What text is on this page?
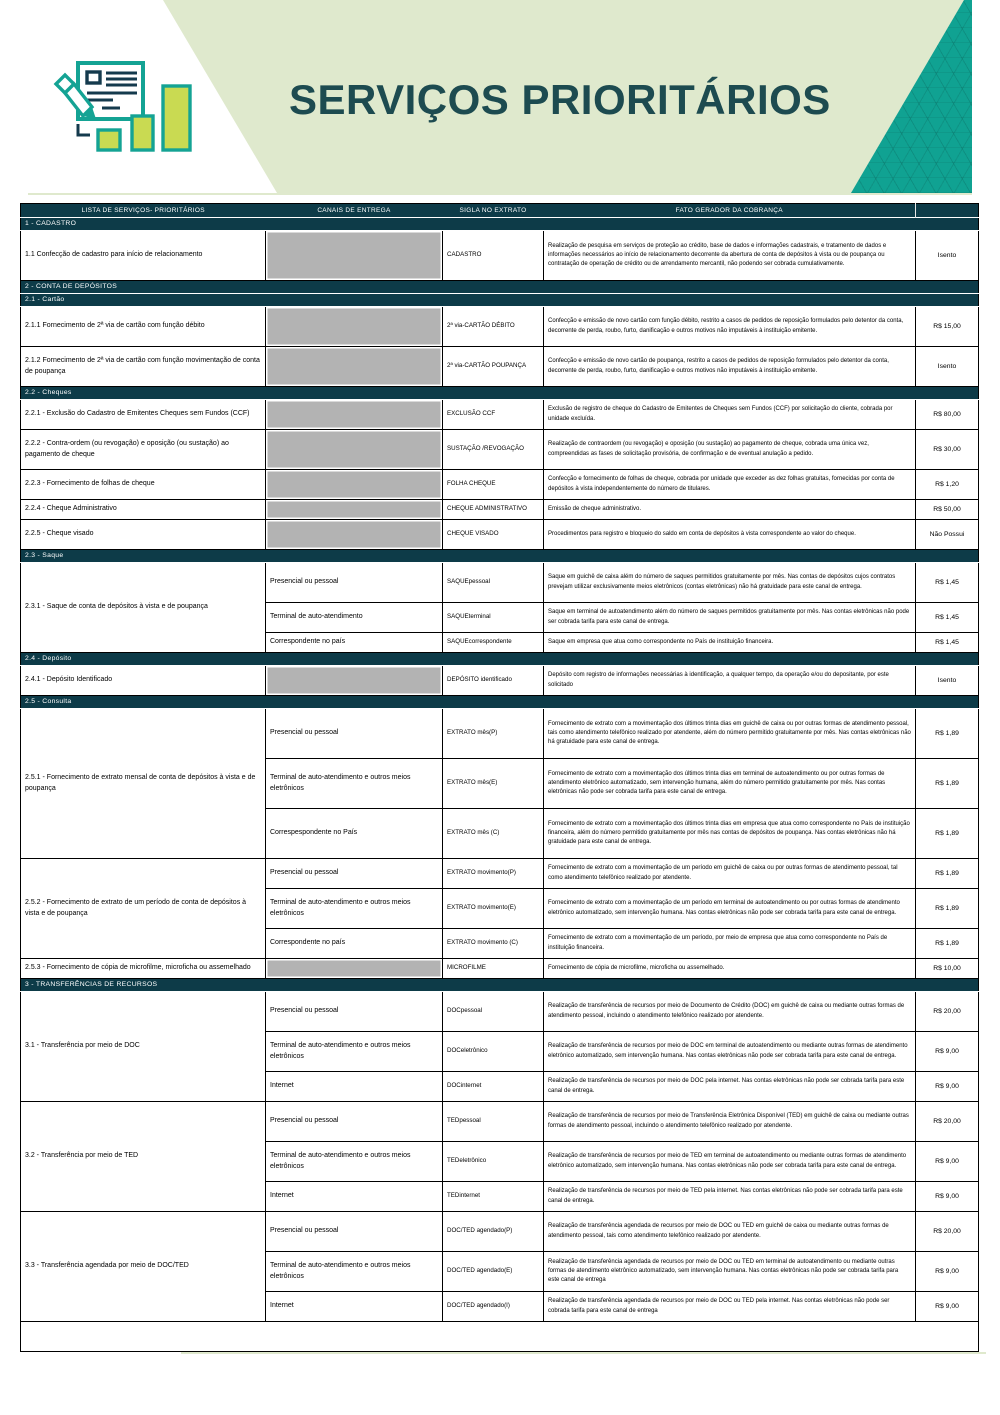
SERVIÇOS PRIORITÁRIOS
LISTA DE SERVIÇOS- PRIORITÁRIOS	CANAIS DE ENTREGA	SIGLA NO EXTRATO	FATO GERADOR DA COBRANÇA	
1 - CADASTRO				
1.1 Confecção de cadastro para início de relacionamento		CADASTRO	Realização de pesquisa em serviços de proteção ao crédito, base de dados e informações cadastrais, e tratamento de dados e informações necessários ao início de relacionamento decorrente da abertura de conta de depósitos à vista ou de poupança ou contratação de operação de crédito ou de arrendamento mercantil, não podendo ser cobrada cumulativamente.	Isento
2 - CONTA DE DEPÓSITOS				
2.1 - Cartão				
2.1.1 Fornecimento de 2ª via de cartão com função débito		2ª via-CARTÃO DÉBITO	Confecção e emissão de novo cartão com função débito, restrito a casos de pedidos de reposição formulados pelo detentor da conta, decorrente de perda, roubo, furto, danificação e outros motivos não imputáveis à instituição emitente.	R$ 15,00
2.1.2 Fornecimento de 2ª via de cartão com função movimentação de conta de poupança		2ª via-CARTÃO POUPANÇA	Confecção e emissão de novo cartão de poupança, restrito a casos de pedidos de reposição formulados pelo detentor da conta, decorrente de perda, roubo, furto, danificação e outros motivos não imputáveis à instituição emitente.	Isento
2.2 - Cheques				
2.2.1 - Exclusão do Cadastro de Emitentes Cheques sem Fundos (CCF)		EXCLUSÃO CCF	Exclusão de registro de cheque do Cadastro de Emitentes de Cheques sem Fundos (CCF) por solicitação do cliente, cobrada por unidade excluída.	R$ 80,00
2.2.2 - Contra-ordem (ou revogação) e oposição (ou sustação) ao pagamento de cheque		SUSTAÇÃO /REVOGAÇÃO	Realização de contraordem (ou revogação) e oposição (ou sustação) ao pagamento de cheque, cobrada uma única vez, compreendidas as fases de solicitação provisória, de confirmação e de eventual anulação a pedido.	R$ 30,00
2.2.3 - Fornecimento de folhas de cheque		FOLHA CHEQUE	Confecção e fornecimento de folhas de cheque, cobrada por unidade que exceder as dez folhas gratuitas, fornecidas por conta de depósitos à vista independentemente do número de titulares.	R$ 1,20
2.2.4 - Cheque Administrativo		CHEQUE ADMINISTRATIVO	Emissão de cheque administrativo.	R$ 50,00
2.2.5 - Cheque visado		CHEQUE VISADO	Procedimentos para registro e bloqueio do saldo em conta de depósitos à vista correspondente ao valor do cheque.	Não Possui
2.3 - Saque				
2.3.1 - Saque de conta de depósitos à vista e de poupança	Presencial ou pessoal	SAQUEpessoal	Saque em guichê de caixa além do número de saques permitidos gratuitamente por mês. Nas contas de depósitos cujos contratos prevejam utilizar exclusivamente meios eletrônicos (contas eletrônicas) não há gratuidade para este canal de entrega.	R$ 1,45
	Terminal de auto-atendimento	SAQUEterminal	Saque em terminal de autoatendimento além do número de saques permitidos gratuitamente por mês. Nas contas eletrônicas não pode ser cobrada tarifa para este canal de entrega.	R$ 1,45
	Correspondente no país	SAQUEcorrespondente	Saque em empresa que atua como correspondente no País de instituição financeira.	R$ 1,45
2.4 - Depósito				
2.4.1 - Depósito Identificado		DEPÓSITO identificado	Depósito com registro de informações necessárias à identificação, a qualquer tempo, da operação e/ou do depositante, por este solicitado	Isento
2.5 - Consulta				
2.5.1 - Fornecimento de extrato mensal de conta de depósitos à vista e de poupança	Presencial ou pessoal	EXTRATO mês(P)	Fornecimento de extrato com a movimentação dos últimos trinta dias em guichê de caixa ou por outras formas de atendimento pessoal, tais como atendimento telefônico realizado por atendente, além do número permitido gratuitamente por mês. Nas contas eletrônicas não há gratuidade para este canal de entrega.	R$ 1,89
	Terminal de auto-atendimento e outros meios eletrônicos	EXTRATO mês(E)	Fornecimento de extrato com a movimentação dos últimos trinta dias em terminal de autoatendimento ou por outras formas de atendimento eletrônico automatizado, sem intervenção humana, além do número permitido gratuitamente por mês. Nas contas eletrônicas não pode ser cobrada tarifa para este canal de entrega.	R$ 1,89
	Correspespondente no País	EXTRATO mês (C)	Fornecimento de extrato com a movimentação dos últimos trinta dias em empresa que atua como correspondente no País de instituição financeira, além do número permitido gratuitamente por mês nas contas de depósitos de poupança. Nas contas eletrônicas não há gratuidade para este canal de entrega.	R$ 1,89
2.5.2 - Fornecimento de extrato de um período de conta de depósitos à vista e de poupança	Presencial ou pessoal	EXTRATO movimento(P)	Fornecimento de extrato com a movimentação de um período em guichê de caixa ou por outras formas de atendimento pessoal, tal como atendimento telefônico realizado por atendente.	R$ 1,89
	Terminal de auto-atendimento e outros meios eletrônicos	EXTRATO movimento(E)	Fornecimento de extrato com a movimentação de um período em terminal de autoatendimento ou por outras formas de atendimento eletrônico automatizado, sem intervenção humana. Nas contas eletrônicas não pode ser cobrada tarifa para este canal de entrega.	R$ 1,89
	Correspondente no país	EXTRATO movimento (C)	Fornecimento de extrato com a movimentação de um período, por meio de empresa que atua como correspondente no País de instituição financeira.	R$ 1,89
2.5.3 - Fornecimento de cópia de microfilme, microficha ou assemelhado		MICROFILME	Fornecimento de cópia de microfilme, microficha ou assemelhado.	R$ 10,00
3 - TRANSFERÊNCIAS DE RECURSOS				
3.1 - Transferência por meio de DOC	Presencial ou pessoal	DOCpessoal	Realização de transferência de recursos por meio de Documento de Crédito (DOC) em guichê de caixa ou mediante outras formas de atendimento pessoal, incluindo o atendimento telefônico realizado por atendente.	R$ 20,00
	Terminal de auto-atendimento e outros meios eletrônicos	DOCeletrônico	Realização de transferência de recursos por meio de DOC em terminal de autoatendimento ou mediante outras formas de atendimento eletrônico automatizado, sem intervenção humana. Nas contas eletrônicas não pode ser cobrada tarifa para este canal de entrega.	R$ 9,00
	Internet	DOCinternet	Realização de transferência de recursos por meio de DOC pela internet. Nas contas eletrônicas não pode ser cobrada tarifa para este canal de entrega.	R$ 9,00
3.2 - Transferência por meio de TED	Presencial ou pessoal	TEDpessoal	Realização de transferência de recursos por meio de Transferência Eletrônica Disponível (TED) em guichê de caixa ou mediante outras formas de atendimento pessoal, incluindo o atendimento telefônico realizado por atendente.	R$ 20,00
	Terminal de auto-atendimento e outros meios eletrônicos	TEDeletrônico	Realização de transferência de recursos por meio de TED em terminal de autoatendimento ou mediante outras formas de atendimento eletrônico automatizado, sem intervenção humana. Nas contas eletrônicas não pode ser cobrada tarifa para este canal de entrega.	R$ 9,00
	Internet	TEDinternet	Realização de transferência de recursos por meio de TED pela internet. Nas contas eletrônicas não pode ser cobrada tarifa para este canal de entrega.	R$ 9,00
3.3 - Transferência agendada por meio de DOC/TED	Presencial ou pessoal	DOC/TED agendado(P)	Realização de transferência agendada de recursos por meio de DOC ou TED em guichê de caixa ou mediante outras formas de atendimento pessoal, tais como atendimento telefônico realizado por atendente.	R$ 20,00
	Terminal de auto-atendimento e outros meios eletrônicos	DOC/TED agendado(E)	Realização de transferência agendada de recursos por meio de DOC ou TED em terminal de autoatendimento ou mediante outras formas de atendimento eletrônico automatizado, sem intervenção humana. Nas contas eletrônicas não pode ser cobrada tarifa para este canal de entrega	R$ 9,00
	Internet	DOC/TED agendado(I)	Realização de transferência agendada de recursos por meio de DOC ou TED pela internet. Nas contas eletrônicas não pode ser cobrada tarifa para este canal de entrega	R$ 9,00
